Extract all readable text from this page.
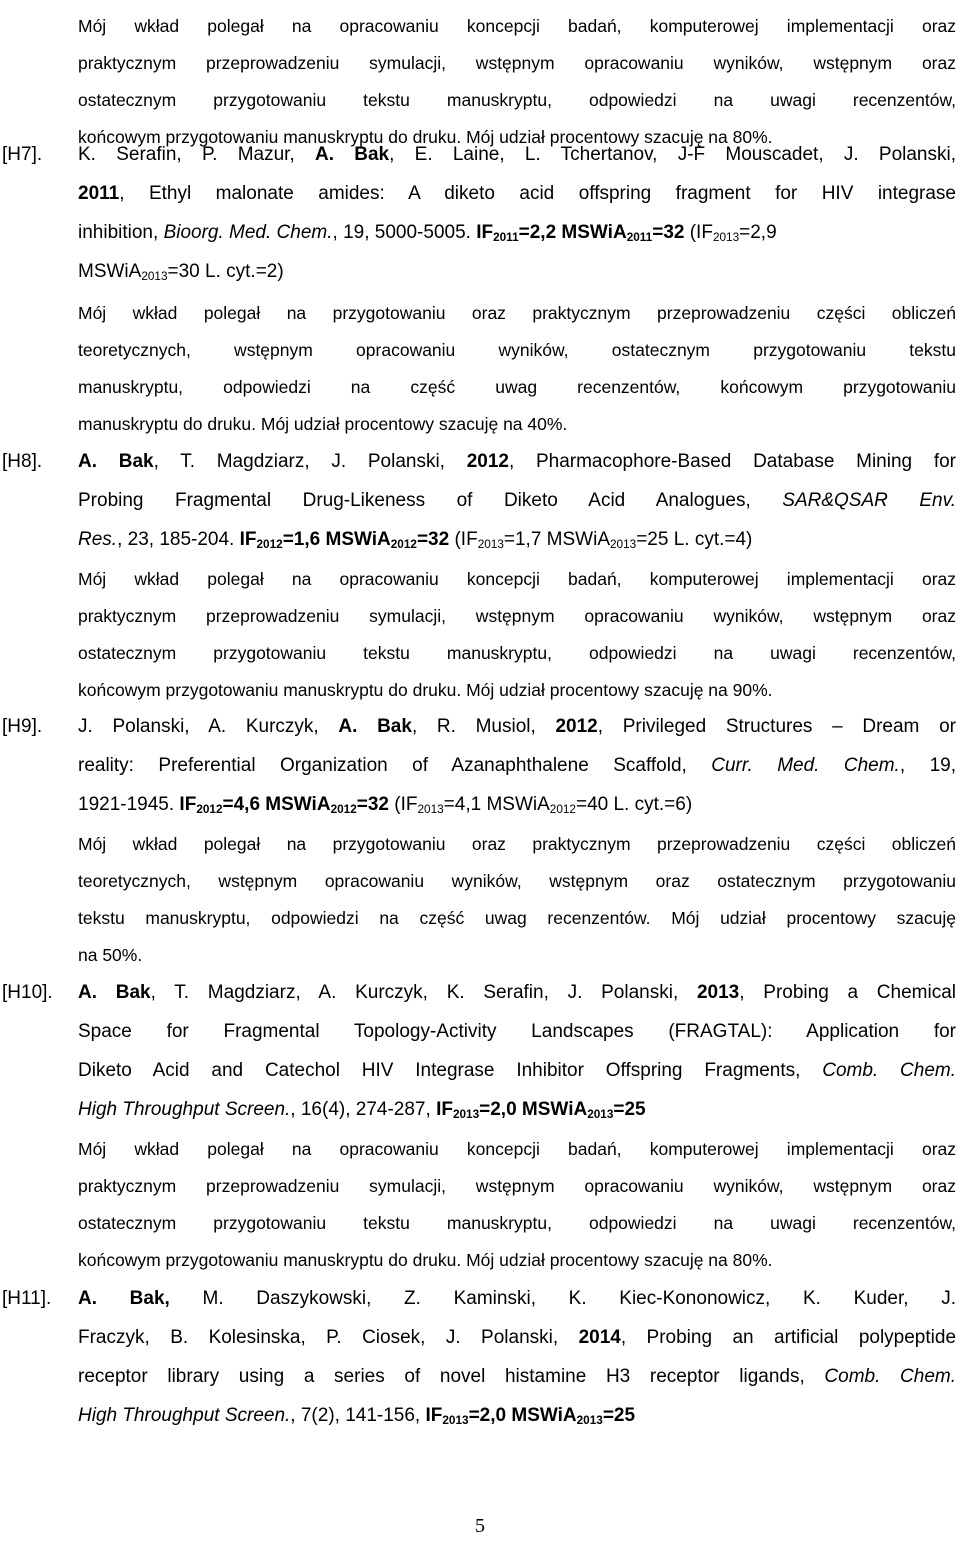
Mój wkład polegał na opracowaniu koncepcji badań, komputerowej implementacji oraz
praktycznym przeprowadzeniu symulacji, wstępnym opracowaniu wyników, wstępnym oraz
ostatecznym przygotowaniu tekstu manuskryptu, odpowiedzi na uwagi recenzentów,
końcowym przygotowaniu manuskryptu do druku. Mój udział procentowy szacuję na 80%.
[H7]. K. Serafin, P. Mazur, A. Bak, E. Laine, L. Tchertanov, J-F Mouscadet, J. Polanski,
2011, Ethyl malonate amides: A diketo acid offspring fragment for HIV integrase
inhibition, Bioorg. Med. Chem., 19, 5000-5005. $IF_{2011}=2,2$ MSWiA$_{2011}$=32 ($IF_{2013}=2,9$
MSWiA$_{2013}$=30 L. cyt.=2)
Mój wkład polegał na przygotowaniu oraz praktycznym przeprowadzeniu części obliczeń
teoretycznych, wstępnym opracowaniu wyników, ostatecznym przygotowaniu tekstu
manuskryptu, odpowiedzi na część uwag recenzentów, końcowym przygotowaniu
manuskryptu do druku. Mój udział procentowy szacuję na 40%.
[H8]. A. Bak, T. Magdziarz, J. Polanski, 2012, Pharmacophore-Based Database Mining for
Probing Fragmental Drug-Likeness of Diketo Acid Analogues, SAR&QSAR Env.
Res., 23, 185-204. $IF_{2012}=1,6$ MSWiA$_{2012}$=32 ($IF_{2013}=1,7$ MSWiA$_{2013}$=25 L. cyt.=4)
Mój wkład polegał na opracowaniu koncepcji badań, komputerowej implementacji oraz
praktycznym przeprowadzeniu symulacji, wstępnym opracowaniu wyników, wstępnym oraz
ostatecznym przygotowaniu tekstu manuskryptu, odpowiedzi na uwagi recenzentów,
końcowym przygotowaniu manuskryptu do druku. Mój udział procentowy szacuję na 90%.
[H9]. J. Polanski, A. Kurczyk, A. Bak, R. Musiol, 2012, Privileged Structures – Dream or
reality: Preferential Organization of Azanaphthalene Scaffold, Curr. Med. Chem., 19,
1921-1945. $IF_{2012}=4,6$ MSWiA$_{2012}$=32 ($IF_{2013}=4,1$ MSWiA$_{2012}$=40 L. cyt.=6)
Mój wkład polegał na przygotowaniu oraz praktycznym przeprowadzeniu części obliczeń
teoretycznych, wstępnym opracowaniu wyników, wstępnym oraz ostatecznym przygotowaniu
tekstu manuskryptu, odpowiedzi na część uwag recenzentów. Mój udział procentowy szacuję
na 50%.
[H10]. A. Bak, T. Magdziarz, A. Kurczyk, K. Serafin, J. Polanski, 2013, Probing a Chemical
Space for Fragmental Topology-Activity Landscapes (FRAGTAL): Application for
Diketo Acid and Catechol HIV Integrase Inhibitor Offspring Fragments, Comb. Chem.
High Throughput Screen., 16(4), 274-287, $IF_{2013}=2,0$ MSWiA$_{2013}$=25
Mój wkład polegał na opracowaniu koncepcji badań, komputerowej implementacji oraz
praktycznym przeprowadzeniu symulacji, wstępnym opracowaniu wyników, wstępnym oraz
ostatecznym przygotowaniu tekstu manuskryptu, odpowiedzi na uwagi recenzentów,
końcowym przygotowaniu manuskryptu do druku. Mój udział procentowy szacuję na 80%.
[H11]. A. Bak, M. Daszykowski, Z. Kaminski, K. Kiec-Kononowicz, K. Kuder, J.
Fraczyk, B. Kolesinska, P. Ciosek, J. Polanski, 2014, Probing an artificial polypeptide
receptor library using a series of novel histamine H3 receptor ligands, Comb. Chem.
High Throughput Screen., 7(2), 141-156, $IF_{2013}=2,0$ MSWiA$_{2013}$=25
5
